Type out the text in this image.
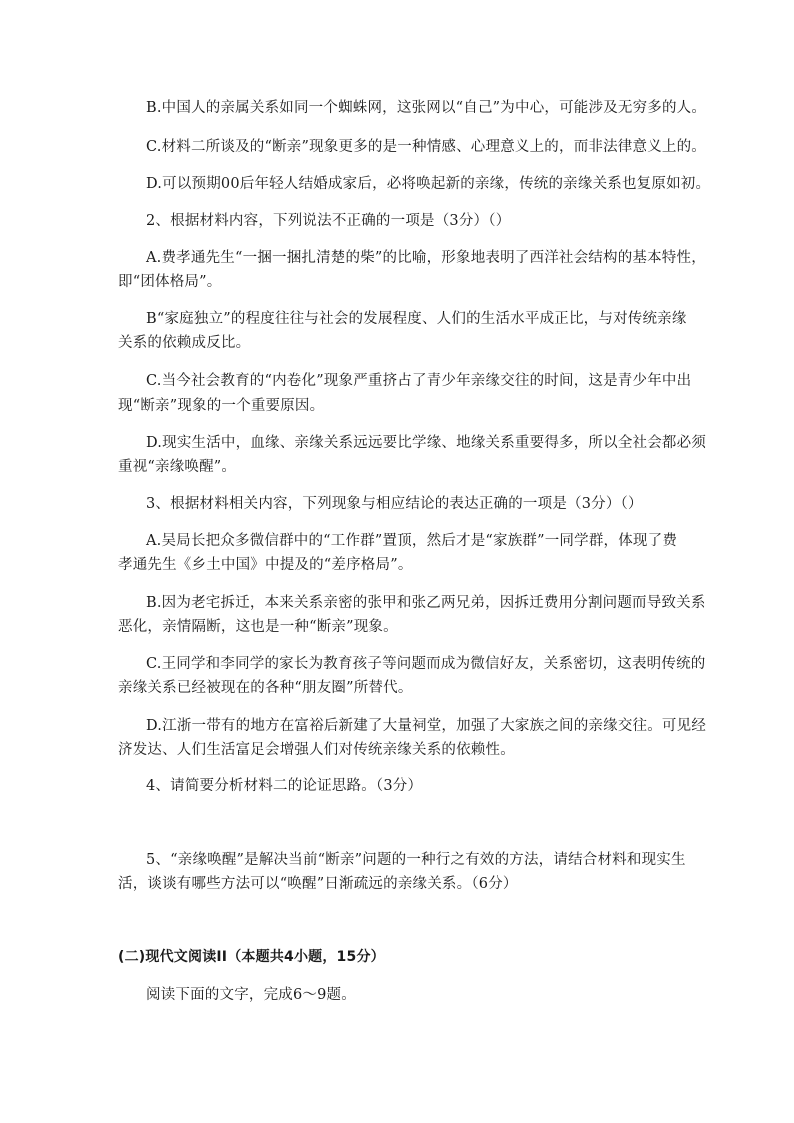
B.中国人的亲属关系如同一个蜘蛛网，这张网以“自己”为中心，可能涉及无穷多的人。
C.材料二所谈及的“断亲”现象更多的是一种情感、心理意义上的，而非法律意义上的。
D.可以预期00后年轻人结婚成家后，必将唤起新的亲缘，传统的亲缘关系也复原如初。
2、根据材料内容，下列说法不正确的一项是（3分）（）
A.费孝通先生“一捆一捆扎清楚的柴”的比喻，形象地表明了西洋社会结构的基本特性，
即“团体格局”。
B“家庭独立”的程度往往与社会的发展程度、人们的生活水平成正比，与对传统亲缘
关系的依赖成反比。
C.当今社会教育的“内卷化”现象严重挤占了青少年亲缘交往的时间，这是青少年中出
现“断亲”现象的一个重要原因。
D.现实生活中，血缘、亲缘关系远远要比学缘、地缘关系重要得多，所以全社会都必须
重视“亲缘唤醒”。
3、根据材料相关内容，下列现象与相应结论的表达正确的一项是（3分）（）
A.吴局长把众多微信群中的“工作群”置顶，然后才是“家族群”一同学群，体现了费
孝通先生《乡土中国》中提及的“差序格局”。
B.因为老宅拆迁，本来关系亲密的张甲和张乙两兄弟，因拆迁费用分割问题而导致关系
恶化，亲情隔断，这也是一种“断亲”现象。
C.王同学和李同学的家长为教育孩子等问题而成为微信好友，关系密切，这表明传统的
亲缘关系已经被现在的各种“朋友圈”所替代。
D.江浙一带有的地方在富裕后新建了大量祠堂，加强了大家族之间的亲缘交往。可见经
济发达、人们生活富足会增强人们对传统亲缘关系的依赖性。
4、请简要分析材料二的论证思路。（3分）
5、“亲缘唤醒”是解决当前“断亲”问题的一种行之有效的方法，请结合材料和现实生
活，谈谈有哪些方法可以“唤醒”日渐疏远的亲缘关系。（6分）
(二)现代文阅读II（本题共4小题，15分）
阅读下面的文字，完成6～9题。
